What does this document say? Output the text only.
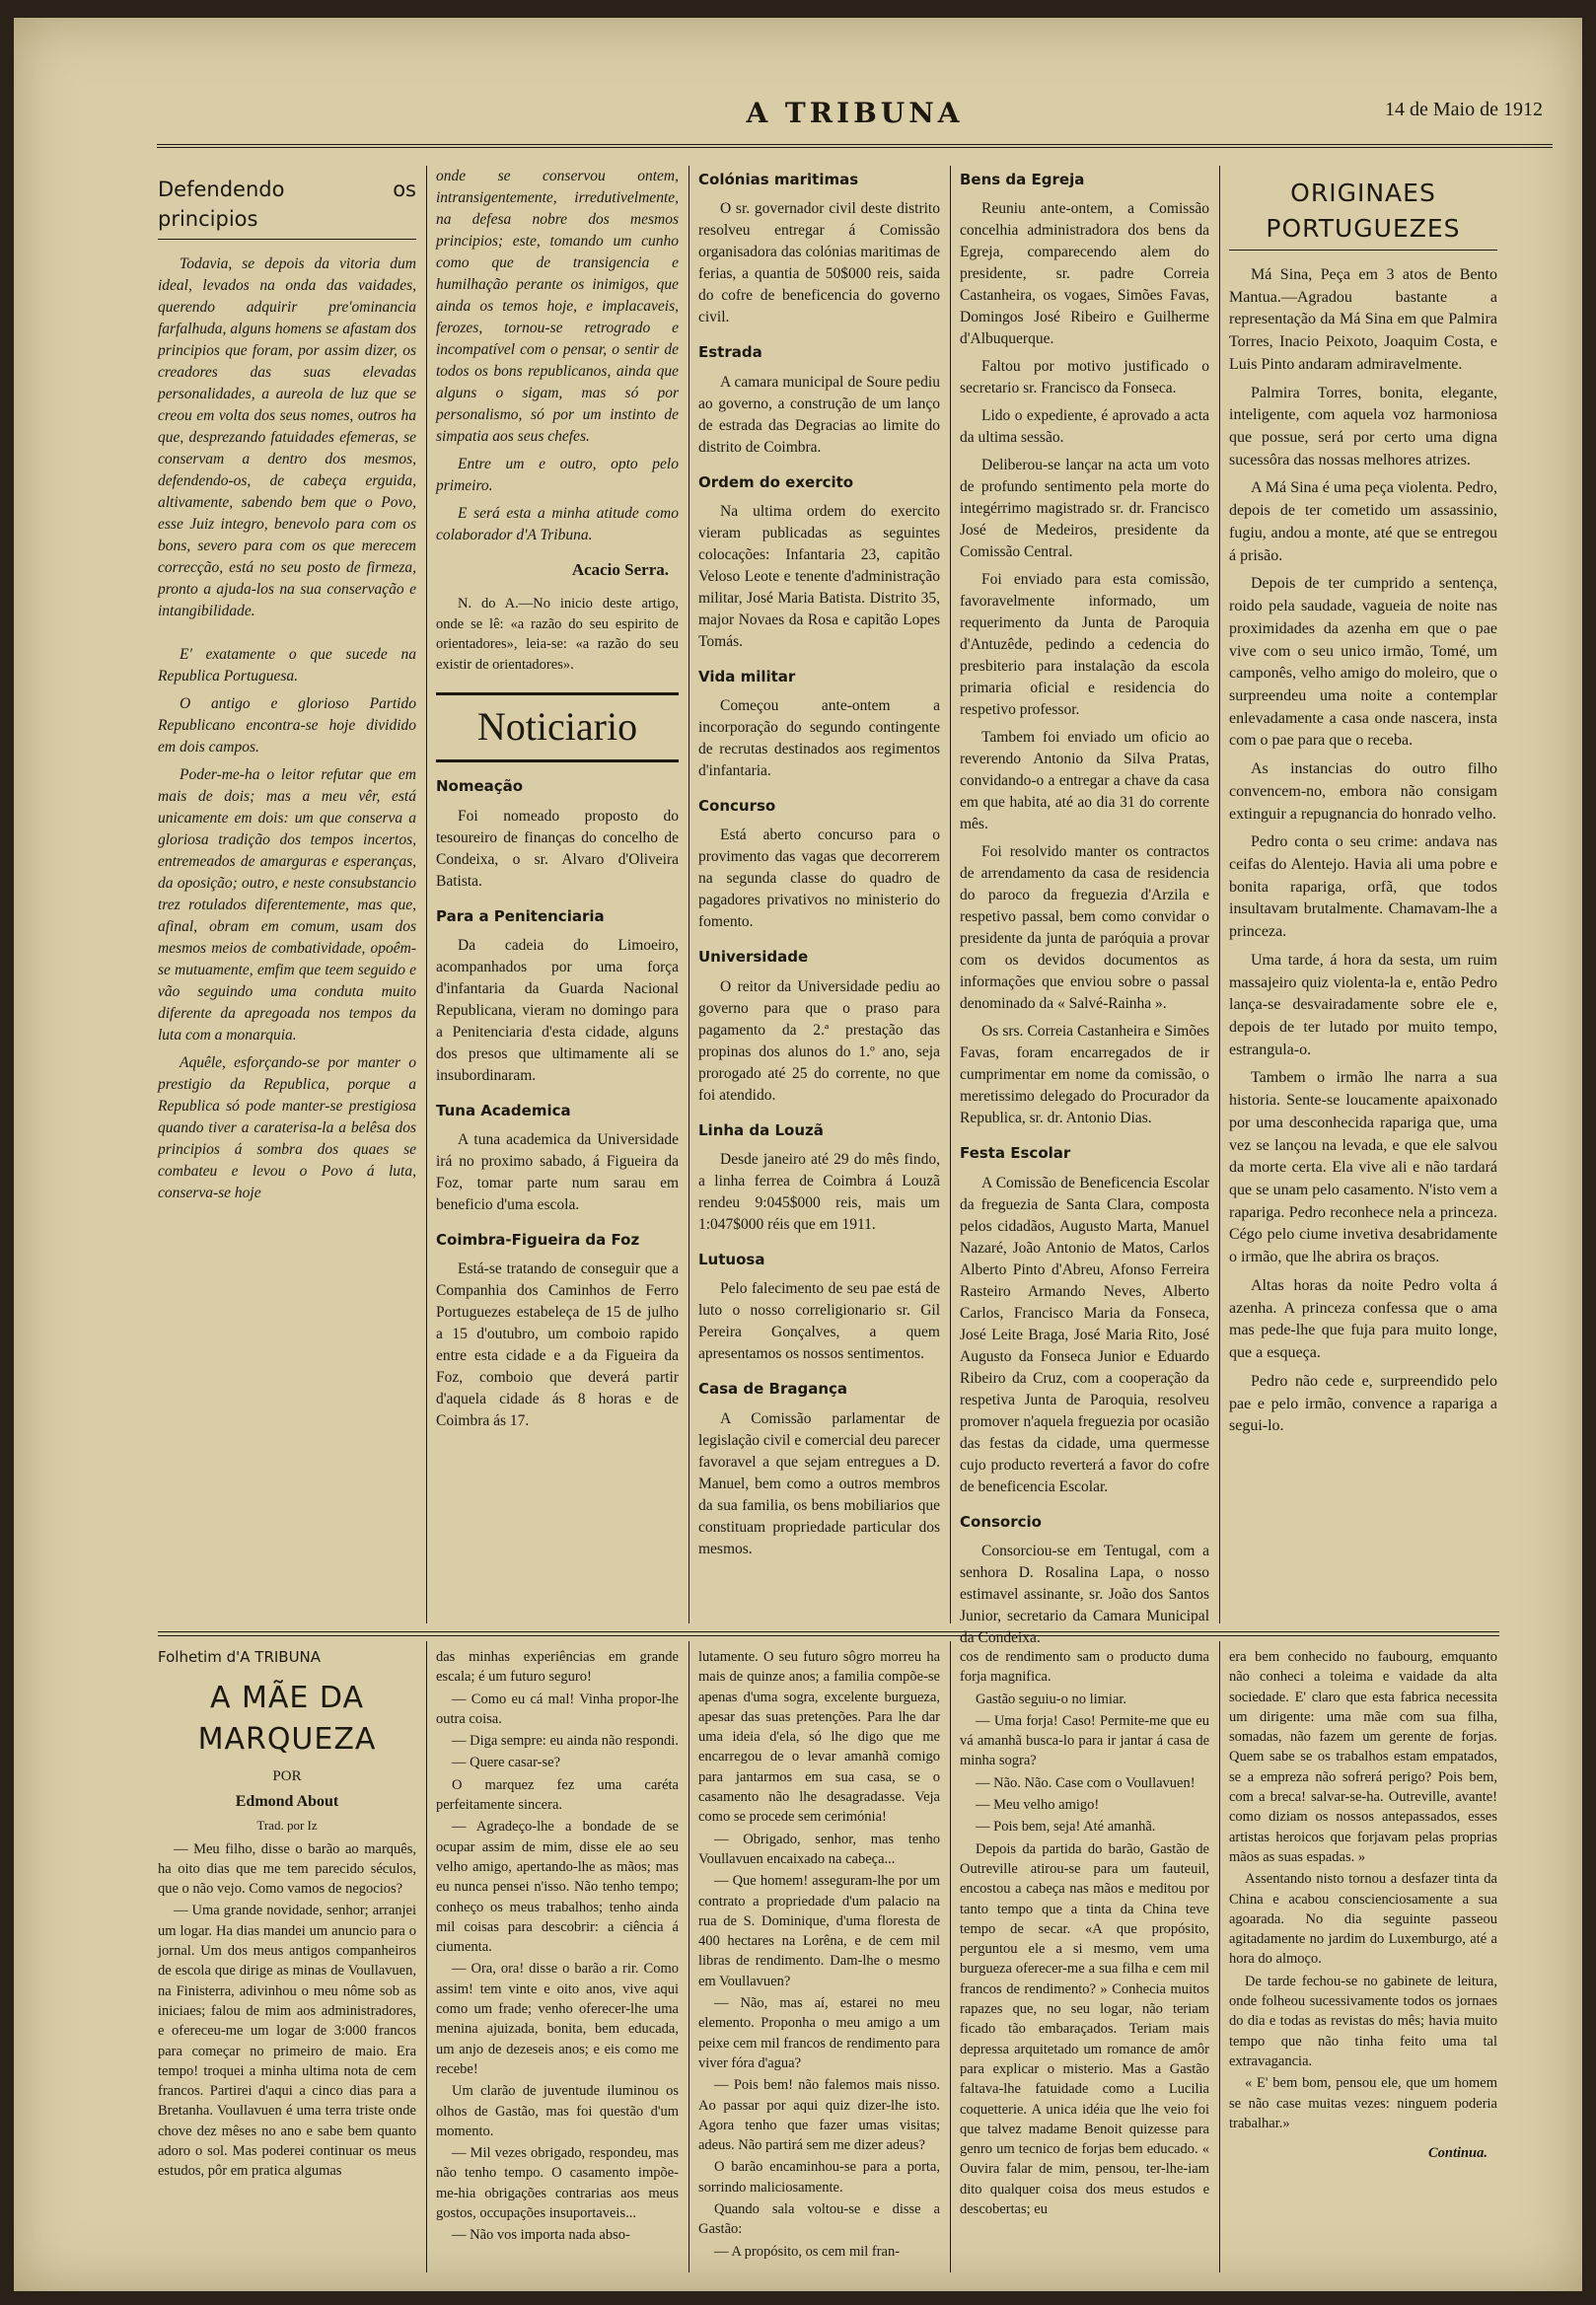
A TRIBUNA	14 de Maio de 1912
Defendendo os principios

Todavia, se depois da vitoria dum ideal, levados na onda das vaidades, querendo adquirir pre'ominancia farfalhuda, alguns homens se afastam dos principios que foram, por assim dizer, os creadores das suas elevadas personalidades, a aureola de luz que se creou em volta dos seus nomes, outros ha que, desprezando fatuidades efemeras, se conservam a dentro dos mesmos, defendendo-os, de cabeça erguida, altivamente, sabendo bem que o Povo, esse Juiz integro, benevolo para com os bons, severo para com os que merecem correcção, está no seu posto de firmeza, pronto a ajuda-los na sua conservação e intangibilidade.

E' exatamente o que sucede na Republica Portuguesa.

O antigo e glorioso Partido Republicano encontra-se hoje dividido em dois campos.

Poder-me-ha o leitor refutar que em mais de dois; mas a meu vêr, está unicamente em dois: um que conserva a gloriosa tradição dos tempos incertos, entremeados de amarguras e esperanças, da oposição; outro, e neste consubstancio trez rotulados diferentemente, mas que, afinal, obram em comum, usam dos mesmos meios de combatividade, opoêm-se mutuamente, emfim que teem seguido e vão seguindo uma conduta muito diferente da apregoada nos tempos da luta com a monarquia.

Aquêle, esforçando-se por manter o prestigio da Republica, porque a Republica só pode manter-se prestigiosa quando tiver a caraterisa-la a belêsa dos principios á sombra dos quaes se combateu e levou o Povo á luta, conserva-se hoje

onde se conservou ontem, intransigentemente, irredutivelmente, na defesa nobre dos mesmos principios; este, tomando um cunho como que de transigencia e humilhação perante os inimigos, que ainda os temos hoje, e implacaveis, ferozes, tornou-se retrogrado e incompatível com o pensar, o sentir de todos os bons republicanos, ainda que alguns o sigam, mas só por personalismo, só por um instinto de simpatia aos seus chefes.

Entre um e outro, opto pelo primeiro.

E será esta a minha atitude como colaborador d'A Tribuna.

Acacio Serra.

N. do A.—No inicio deste artigo, onde se lê: «a razão do seu espirito de orientadores», leia-se: «a razão do seu existir de orientadores».

Noticiario
Nomeação

Foi nomeado proposto do tesoureiro de finanças do concelho de Condeixa, o sr. Alvaro d'Oliveira Batista.

Para a Penitenciaria

Da cadeia do Limoeiro, acompanhados por uma força d'infantaria da Guarda Nacional Republicana, vieram no domingo para a Penitenciaria d'esta cidade, alguns dos presos que ultimamente ali se insubordinaram.

Tuna Academica

A tuna academica da Universidade irá no proximo sabado, á Figueira da Foz, tomar parte num sarau em beneficio d'uma escola.

Coimbra-Figueira da Foz

Está-se tratando de conseguir que a Companhia dos Caminhos de Ferro Portuguezes estabeleça de 15 de julho a 15 d'outubro, um comboio rapido entre esta cidade e a da Figueira da Foz, comboio que deverá partir d'aquela cidade ás 8 horas e de Coimbra ás 17.

Colónias maritimas

O sr. governador civil deste distrito resolveu entregar á Comissão organisadora das colónias maritimas de ferias, a quantia de 50$000 reis, saida do cofre de beneficencia do governo civil.

Estrada

A camara municipal de Soure pediu ao governo, a construção de um lanço de estrada das Degracias ao limite do distrito de Coimbra.

Ordem do exercito

Na ultima ordem do exercito vieram publicadas as seguintes colocações: Infantaria 23, capitão Veloso Leote e tenente d'administração militar, José Maria Batista. Distrito 35, major Novaes da Rosa e capitão Lopes Tomás.

Vida militar

Começou ante-ontem a incorporação do segundo contingente de recrutas destinados aos regimentos d'infantaria.

Concurso

Está aberto concurso para o provimento das vagas que decorrerem na segunda classe do quadro de pagadores privativos no ministerio do fomento.

Universidade

O reitor da Universidade pediu ao governo para que o praso para pagamento da 2.ª prestação das propinas dos alunos do 1.º ano, seja prorogado até 25 do corrente, no que foi atendido.

Linha da Louzã

Desde janeiro até 29 do mês findo, a linha ferrea de Coimbra á Louzã rendeu 9:045$000 reis, mais um 1:047$000 réis que em 1911.

Lutuosa

Pelo falecimento de seu pae está de luto o nosso correligionario sr. Gil Pereira Gonçalves, a quem apresentamos os nossos sentimentos.

Casa de Bragança

A Comissão parlamentar de legislação civil e comercial deu parecer favoravel a que sejam entregues a D. Manuel, bem como a outros membros da sua familia, os bens mobiliarios que constituam propriedade particular dos mesmos.

Bens da Egreja

Reuniu ante-ontem, a Comissão concelhia administradora dos bens da Egreja, comparecendo alem do presidente, sr. padre Correia Castanheira, os vogaes, Simões Favas, Domingos José Ribeiro e Guilherme d'Albuquerque.

Faltou por motivo justificado o secretario sr. Francisco da Fonseca.

Lido o expediente, é aprovado a acta da ultima sessão.

Deliberou-se lançar na acta um voto de profundo sentimento pela morte do integérrimo magistrado sr. dr. Francisco José de Medeiros, presidente da Comissão Central.

Foi enviado para esta comissão, favoravelmente informado, um requerimento da Junta de Paroquia d'Antuzêde, pedindo a cedencia do presbiterio para instalação da escola primaria oficial e residencia do respetivo professor.

Tambem foi enviado um oficio ao reverendo Antonio da Silva Pratas, convidando-o a entregar a chave da casa em que habita, até ao dia 31 do corrente mês.

Foi resolvido manter os contractos de arrendamento da casa de residencia do paroco da freguezia d'Arzila e respetivo passal, bem como convidar o presidente da junta de paróquia a provar com os devidos documentos as informações que enviou sobre o passal denominado da « Salvé-Rainha ».

Os srs. Correia Castanheira e Simões Favas, foram encarregados de ir cumprimentar em nome da comissão, o meretissimo delegado do Procurador da Republica, sr. dr. Antonio Dias.

Festa Escolar

A Comissão de Beneficencia Escolar da freguezia de Santa Clara, composta pelos cidadãos, Augusto Marta, Manuel Nazaré, João Antonio de Matos, Carlos Alberto Pinto d'Abreu, Afonso Ferreira Rasteiro Armando Neves, Alberto Carlos, Francisco Maria da Fonseca, José Leite Braga, José Maria Rito, José Augusto da Fonseca Junior e Eduardo Ribeiro da Cruz, com a cooperação da respetiva Junta de Paroquia, resolveu promover n'aquela freguezia por ocasião das festas da cidade, uma quermesse cujo producto reverterá a favor do cofre de beneficencia Escolar.

Consorcio

Consorciou-se em Tentugal, com a senhora D. Rosalina Lapa, o nosso estimavel assinante, sr. João dos Santos Junior, secretario da Camara Municipal da Condeixa.

ORIGINAES PORTUGUEZES

Má Sina, Peça em 3 atos de Bento Mantua.—Agradou bastante a representação da Má Sina em que Palmira Torres, Inacio Peixoto, Joaquim Costa, e Luis Pinto andaram admiravelmente.

Palmira Torres, bonita, elegante, inteligente, com aquela voz harmoniosa que possue, será por certo uma digna sucessôra das nossas melhores atrizes.

A Má Sina é uma peça violenta. Pedro, depois de ter cometido um assassinio, fugiu, andou a monte, até que se entregou á prisão.

Depois de ter cumprido a sentença, roido pela saudade, vagueia de noite nas proximidades da azenha em que o pae vive com o seu unico irmão, Tomé, um camponês, velho amigo do moleiro, que o surpreendeu uma noite a contemplar enlevadamente a casa onde nascera, insta com o pae para que o receba.

As instancias do outro filho convencem-no, embora não consigam extinguir a repugnancia do honrado velho.

Pedro conta o seu crime: andava nas ceifas do Alentejo. Havia ali uma pobre e bonita rapariga, orfã, que todos insultavam brutalmente. Chamavam-lhe a princeza.

Uma tarde, á hora da sesta, um ruim massajeiro quiz violenta-la e, então Pedro lança-se desvairadamente sobre ele e, depois de ter lutado por muito tempo, estrangula-o.

Tambem o irmão lhe narra a sua historia. Sente-se loucamente apaixonado por uma desconhecida rapariga que, uma vez se lançou na levada, e que ele salvou da morte certa. Ela vive ali e não tardará que se unam pelo casamento. N'isto vem a rapariga. Pedro reconhece nela a princeza. Cégo pelo ciume invetiva desabridamente o irmão, que lhe abrira os braços.

Altas horas da noite Pedro volta á azenha. A princeza confessa que o ama mas pede-lhe que fuja para muito longe, que a esqueça.

Pedro não cede e, surpreendido pelo pae e pelo irmão, convence a rapariga a segui-lo.

Folhetim d'A TRIBUNA
A MÃE DA MARQUEZA
POR
Edmond About
Trad. por Iz

— Meu filho, disse o barão ao marquês, ha oito dias que me tem parecido séculos, que o não vejo. Como vamos de negocios?

— Uma grande novidade, senhor; arranjei um logar. Ha dias mandei um anuncio para o jornal. Um dos meus antigos companheiros de escola que dirige as minas de Voullavuen, na Finisterra, adivinhou o meu nôme sob as iniciaes; falou de mim aos administradores, e ofereceu-me um logar de 3:000 francos para começar no primeiro de maio. Era tempo! troquei a minha ultima nota de cem francos. Partirei d'aqui a cinco dias para a Bretanha. Voullavuen é uma terra triste onde chove dez mêses no ano e sabe bem quanto adoro o sol. Mas poderei continuar os meus estudos, pôr em pratica algumas

das minhas experiências em grande escala; é um futuro seguro!

— Como eu cá mal! Vinha propor-lhe outra coisa.

— Diga sempre: eu ainda não respondi.

— Quere casar-se?

O marquez fez uma caréta perfeitamente sincera.

— Agradeço-lhe a bondade de se ocupar assim de mim, disse ele ao seu velho amigo, apertando-lhe as mãos; mas eu nunca pensei n'isso. Não tenho tempo; conheço os meus trabalhos; tenho ainda mil coisas para descobrir: a ciência á ciumenta.

— Ora, ora! disse o barão a rir. Como assim! tem vinte e oito anos, vive aqui como um frade; venho oferecer-lhe uma menina ajuizada, bonita, bem educada, um anjo de dezeseis anos; e eis como me recebe!

Um clarão de juventude iluminou os olhos de Gastão, mas foi questão d'um momento.

— Mil vezes obrigado, respondeu, mas não tenho tempo. O casamento impõe-me-hia obrigações contrarias aos meus gostos, occupações insuportaveis...

— Não vos importa nada abso-

lutamente. O seu futuro sôgro morreu ha mais de quinze anos; a familia compõe-se apenas d'uma sogra, excelente burgueza, apesar das suas pretenções. Para lhe dar uma ideia d'ela, só lhe digo que me encarregou de o levar amanhã comigo para jantarmos em sua casa, se o casamento não lhe desagradasse. Veja como se procede sem cerimónia!

— Obrigado, senhor, mas tenho Voullavuen encaixado na cabeça...

— Que homem! asseguram-lhe por um contrato a propriedade d'um palacio na rua de S. Dominique, d'uma floresta de 400 hectares na Lorêna, e de cem mil libras de rendimento. Dam-lhe o mesmo em Voullavuen?

— Não, mas aí, estarei no meu elemento. Proponha o meu amigo a um peixe cem mil francos de rendimento para viver fóra d'agua?

— Pois bem! não falemos mais nisso. Ao passar por aqui quiz dizer-lhe isto. Agora tenho que fazer umas visitas; adeus. Não partirá sem me dizer adeus?

O barão encaminhou-se para a porta, sorrindo maliciosamente.

Quando sala voltou-se e disse a Gastão:

— A propósito, os cem mil fran-

cos de rendimento sam o producto duma forja magnifica.

Gastão seguiu-o no limiar.

— Uma forja! Caso! Permite-me que eu vá amanhã busca-lo para ir jantar á casa de minha sogra?

— Não. Não. Case com o Voullavuen!

— Meu velho amigo!

— Pois bem, seja! Até amanhã.

Depois da partida do barão, Gastão de Outreville atirou-se para um fauteuil, encostou a cabeça nas mãos e meditou por tanto tempo que a tinta da China teve tempo de secar. «A que propósito, perguntou ele a si mesmo, vem uma burgueza oferecer-me a sua filha e cem mil francos de rendimento? » Conhecia muitos rapazes que, no seu logar, não teriam ficado tão embaraçados. Teriam mais depressa arquitetado um romance de amôr para explicar o misterio. Mas a Gastão faltava-lhe fatuidade como a Lucilia coquetterie. A unica idéia que lhe veio foi que talvez madame Benoit quizesse para genro um tecnico de forjas bem educado. « Ouvira falar de mim, pensou, ter-lhe-iam dito qualquer coisa dos meus estudos e descobertas; eu

era bem conhecido no faubourg, emquanto não conheci a toleima e vaidade da alta sociedade. E' claro que esta fabrica necessita um dirigente: uma mãe com sua filha, somadas, não fazem um gerente de forjas. Quem sabe se os trabalhos estam empatados, se a empreza não sofrerá perigo? Pois bem, com a breca! salvar-se-ha. Outreville, avante! como diziam os nossos antepassados, esses artistas heroicos que forjavam pelas proprias mãos as suas espadas. »

Assentando nisto tornou a desfazer tinta da China e acabou conscienciosamente a sua agoarada. No dia seguinte passeou agitadamente no jardim do Luxemburgo, até a hora do almoço.

De tarde fechou-se no gabinete de leitura, onde folheou sucessivamente todos os jornaes do dia e todas as revistas do mês; havia muito tempo que não tinha feito uma tal extravagancia.

« E' bem bom, pensou ele, que um homem se não case muitas vezes: ninguem poderia trabalhar.»

Continua.
